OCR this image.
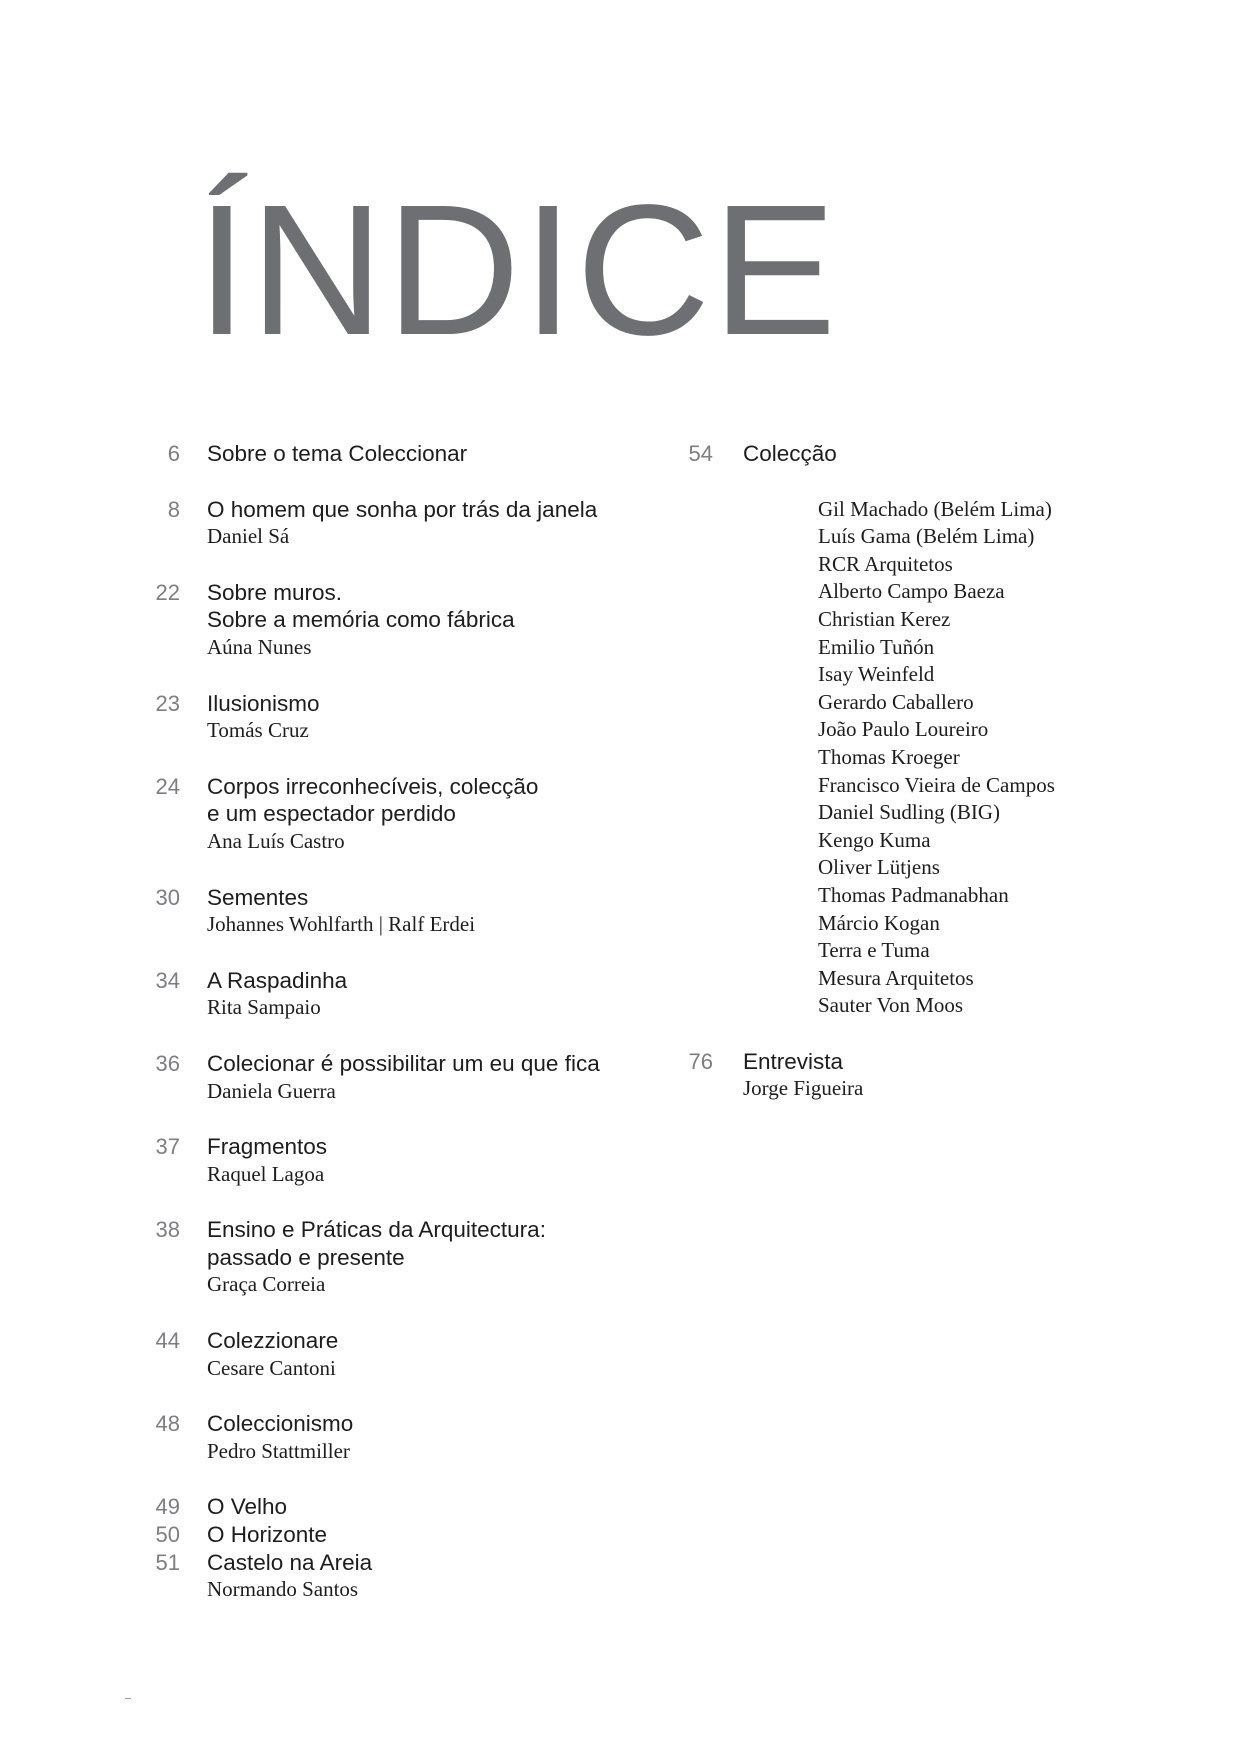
ÍNDICE
6 Sobre o tema Coleccionar
8 O homem que sonha por trás da janela
Daniel Sá
22 Sobre muros.
Sobre a memória como fábrica
Aúna Nunes
23 Ilusionismo
Tomás Cruz
24 Corpos irreconhecíveis, colecção
e um espectador perdido
Ana Luís Castro
30 Sementes
Johannes Wohlfarth | Ralf Erdei
34 A Raspadinha
Rita Sampaio
36 Colecionar é possibilitar um eu que fica
Daniela Guerra
37 Fragmentos
Raquel Lagoa
38 Ensino e Práticas da Arquitectura:
passado e presente
Graça Correia
44 Colezzionare
Cesare Cantoni
48 Coleccionismo
Pedro Stattmiller
49 O Velho
50 O Horizonte
51 Castelo na Areia
Normando Santos
54 Colecção
Gil Machado (Belém Lima)
Luís Gama (Belém Lima)
RCR Arquitetos
Alberto Campo Baeza
Christian Kerez
Emilio Tuñón
Isay Weinfeld
Gerardo Caballero
João Paulo Loureiro
Thomas Kroeger
Francisco Vieira de Campos
Daniel Sudling (BIG)
Kengo Kuma
Oliver Lütjens
Thomas Padmanabhan
Márcio Kogan
Terra e Tuma
Mesura Arquitetos
Sauter Von Moos
76 Entrevista
Jorge Figueira
